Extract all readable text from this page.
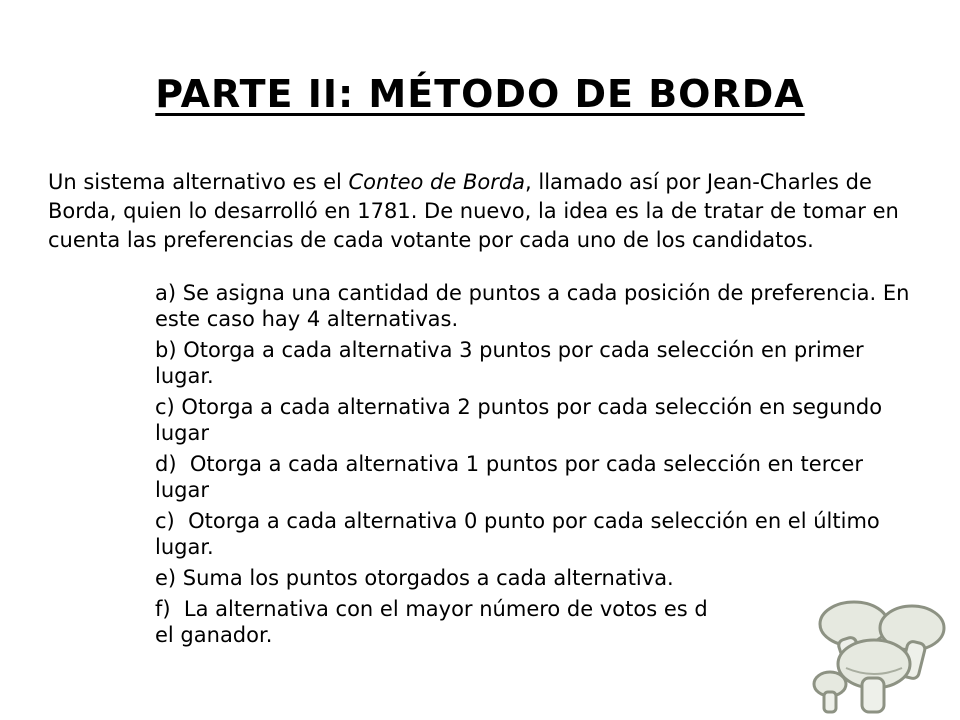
PARTE II: MÉTODO DE BORDA

Un sistema alternativo es el Conteo de Borda, llamado así por Jean-Charles de Borda, quien lo desarrolló en 1781. De nuevo, la idea es la de tratar de tomar en cuenta las preferencias de cada votante por cada uno de los candidatos.

a) Se asigna una cantidad de puntos a cada posición de preferencia. En este caso hay 4 alternativas.
b) Otorga a cada alternativa 3 puntos por cada selección en primer lugar.
c) Otorga a cada alternativa 2 puntos por cada selección en segundo lugar
d)  Otorga a cada alternativa 1 puntos por cada selección en tercer lugar
c)  Otorga a cada alternativa 0 punto por cada selección en el último lugar.
e) Suma los puntos otorgados a cada alternativa.
f)  La alternativa con el mayor número de votos es d
el ganador.
